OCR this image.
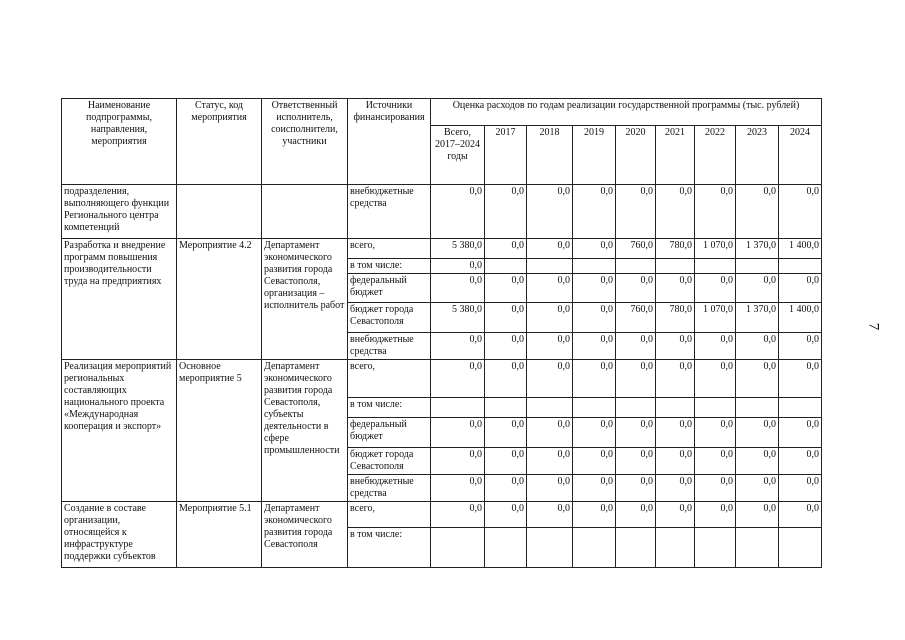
Наименование подпрограммы, направления, мероприятия	Статус, код мероприятия	Ответственный исполнитель, соисполнители, участники	Источники финансирования	Оценка расходов по годам реализации государственной программы (тыс. рублей)								
				Всего, 2017–2024 годы	2017	2018	2019	2020	2021	2022	2023	2024
подразделения, выполняющего функции Регионального центра компетенций			внебюджетные средства	0,0	0,0	0,0	0,0	0,0	0,0	0,0	0,0	0,0
Разработка и внедрение программ повышения производительности труда на предприятиях	Мероприятие 4.2	Департамент экономического развития города Севастополя, организация – исполнитель работ	всего,	5 380,0	0,0	0,0	0,0	760,0	780,0	1 070,0	1 370,0	1 400,0
			в том числе:	0,0								
			федеральный бюджет	0,0	0,0	0,0	0,0	0,0	0,0	0,0	0,0	0,0
			бюджет города Севастополя	5 380,0	0,0	0,0	0,0	760,0	780,0	1 070,0	1 370,0	1 400,0
			внебюджетные средства	0,0	0,0	0,0	0,0	0,0	0,0	0,0	0,0	0,0
Реализация мероприятий региональных составляющих национального проекта «Международная кооперация и экспорт»	Основное мероприятие 5	Департамент экономического развития города Севастополя, субъекты деятельности в сфере промышленности	всего,	0,0	0,0	0,0	0,0	0,0	0,0	0,0	0,0	0,0
			в том числе:									
			федеральный бюджет	0,0	0,0	0,0	0,0	0,0	0,0	0,0	0,0	0,0
			бюджет города Севастополя	0,0	0,0	0,0	0,0	0,0	0,0	0,0	0,0	0,0
			внебюджетные средства	0,0	0,0	0,0	0,0	0,0	0,0	0,0	0,0	0,0
Создание в составе организации, относящейся к инфраструктуре поддержки субъектов	Мероприятие 5.1	Департамент экономического развития города Севастополя	всего,	0,0	0,0	0,0	0,0	0,0	0,0	0,0	0,0	0,0
			в том числе:									
7
